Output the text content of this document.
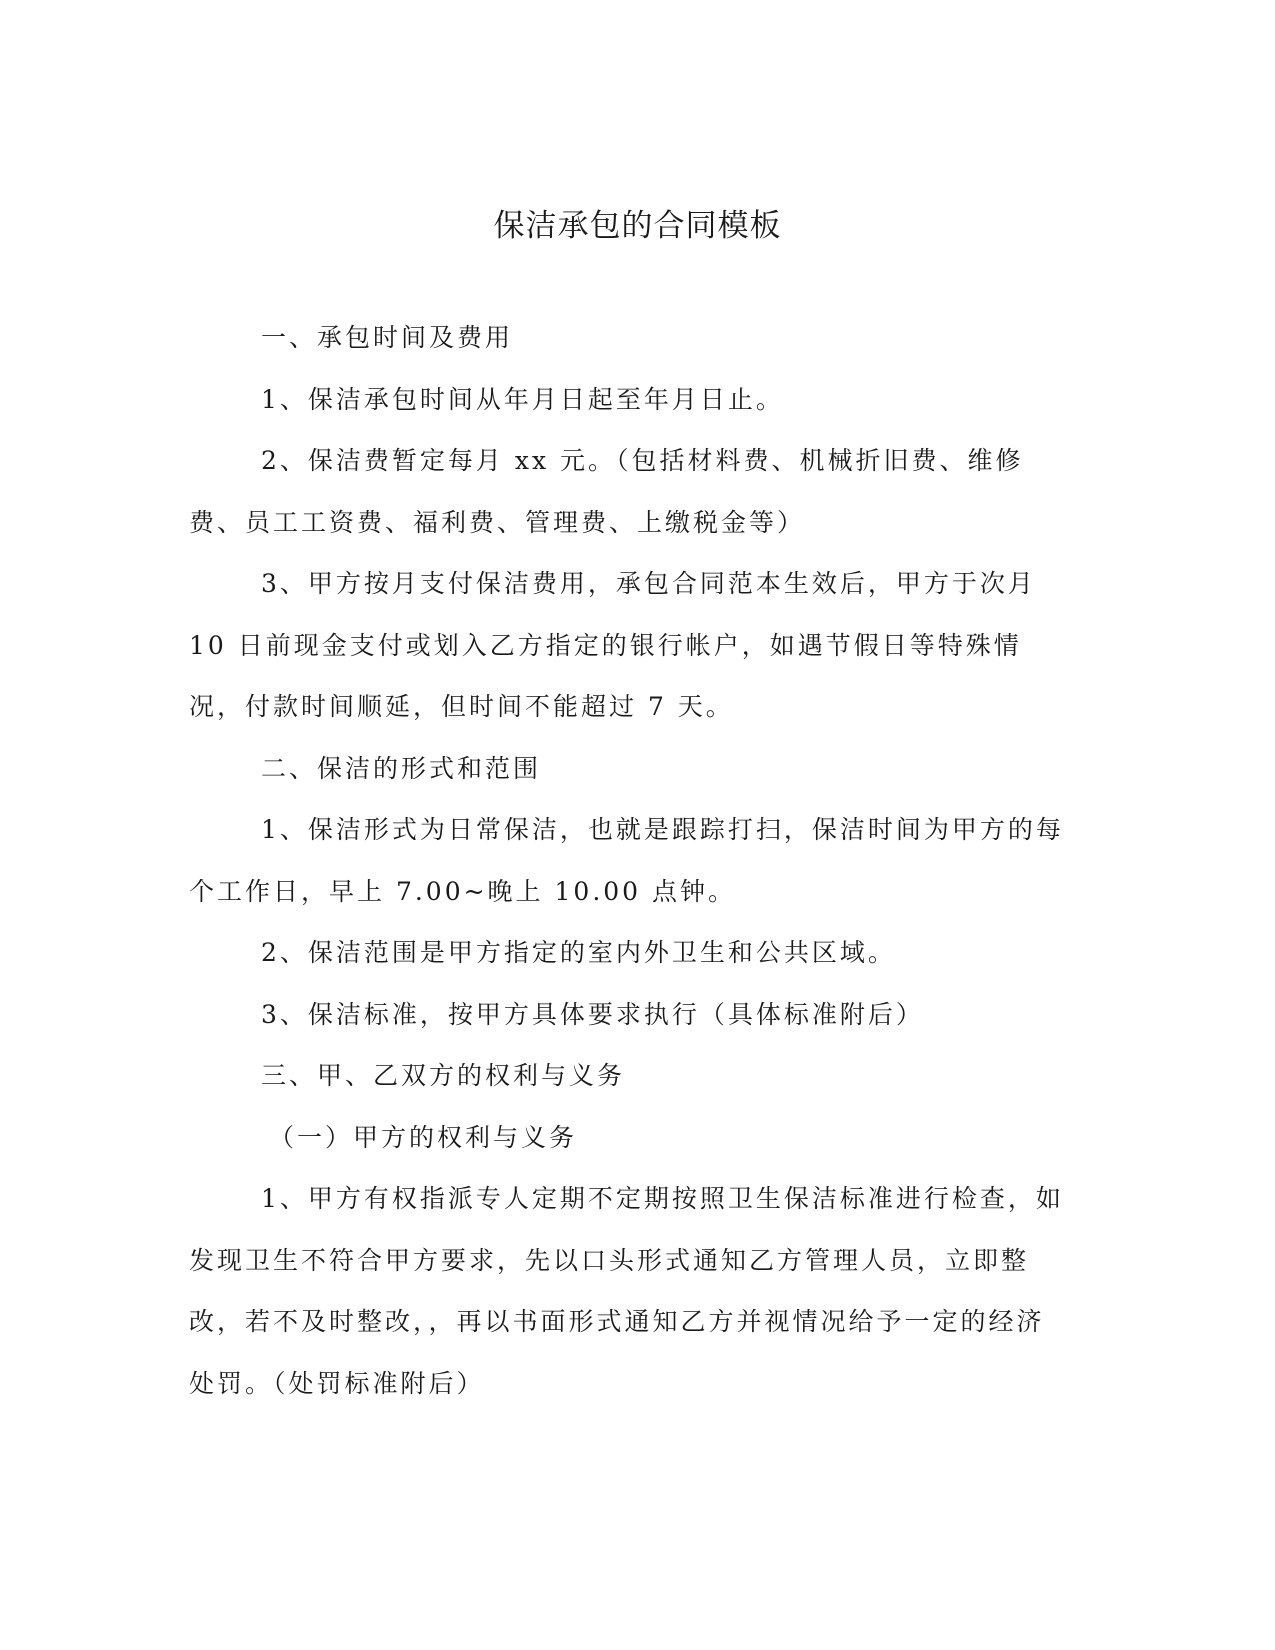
保洁承包的合同模板

一、承包时间及费用

1、保洁承包时间从年月日起至年月日止。

2、保洁费暂定每月 xx 元。（包括材料费、机械折旧费、维修费、员工工资费、福利费、管理费、上缴税金等）

3、甲方按月支付保洁费用，承包合同范本生效后，甲方于次月 10 日前现金支付或划入乙方指定的银行帐户，如遇节假日等特殊情况，付款时间顺延，但时间不能超过 7 天。

二、保洁的形式和范围

1、保洁形式为日常保洁，也就是跟踪打扫，保洁时间为甲方的每个工作日，早上 7.00~晚上 10.00 点钟。

2、保洁范围是甲方指定的室内外卫生和公共区域。

3、保洁标准，按甲方具体要求执行（具体标准附后）

三、甲、乙双方的权利与义务

（一）甲方的权利与义务

1、甲方有权指派专人定期不定期按照卫生保洁标准进行检查，如发现卫生不符合甲方要求，先以口头形式通知乙方管理人员，立即整改，若不及时整改，，再以书面形式通知乙方并视情况给予一定的经济处罚。（处罚标准附后）
